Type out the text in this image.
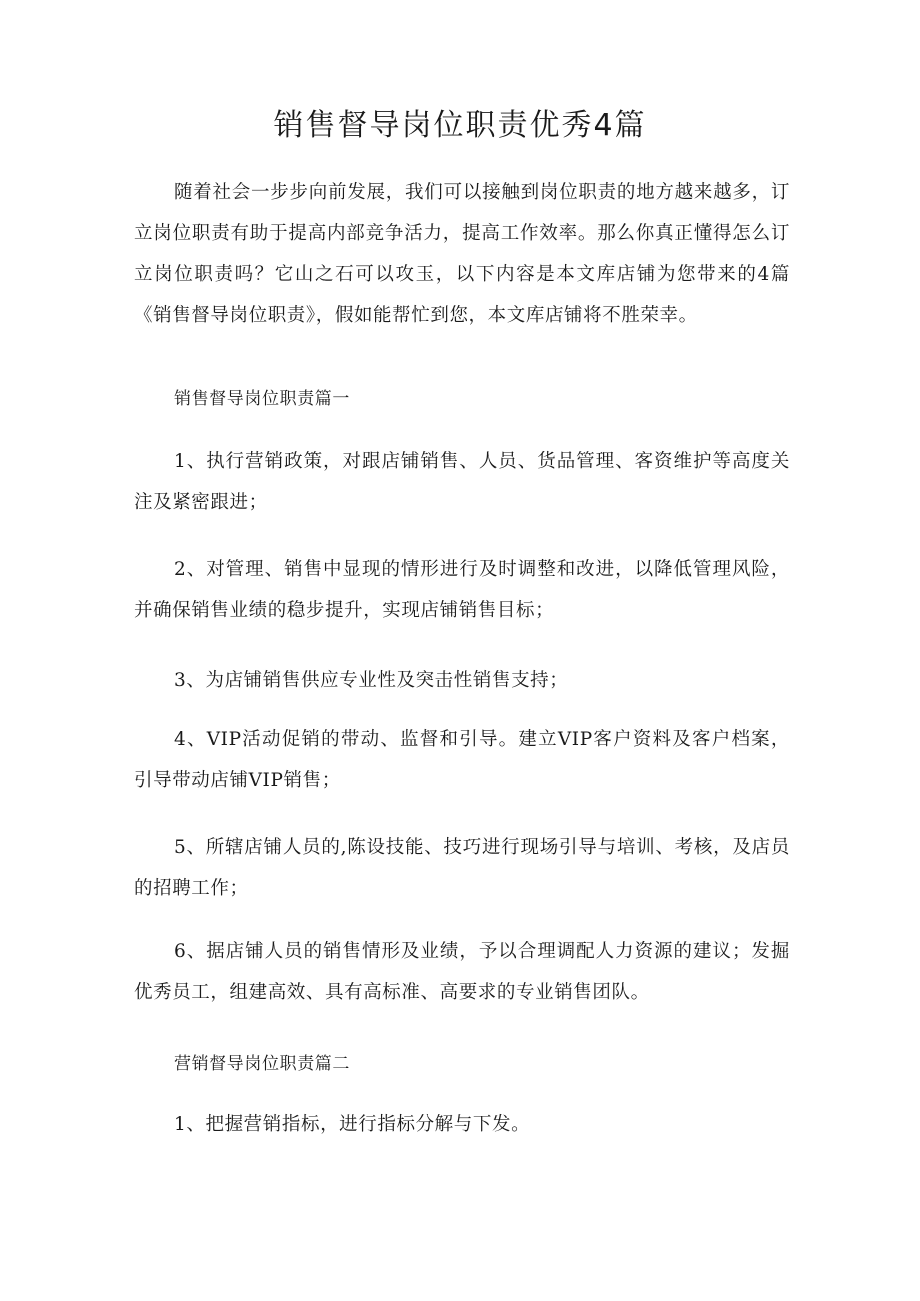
销售督导岗位职责优秀4篇

随着社会一步步向前发展，我们可以接触到岗位职责的地方越来越多，订立岗位职责有助于提高内部竞争活力，提高工作效率。那么你真正懂得怎么订立岗位职责吗？它山之石可以攻玉，以下内容是本文库店铺为您带来的4篇《销售督导岗位职责》，假如能帮忙到您，本文库店铺将不胜荣幸。

销售督导岗位职责篇一

1、执行营销政策，对跟店铺销售、人员、货品管理、客资维护等高度关注及紧密跟进；

2、对管理、销售中显现的情形进行及时调整和改进，以降低管理风险，并确保销售业绩的稳步提升，实现店铺销售目标；

3、为店铺销售供应专业性及突击性销售支持；

4、VIP活动促销的带动、监督和引导。建立VIP客户资料及客户档案，引导带动店铺VIP销售；

5、所辖店铺人员的,陈设技能、技巧进行现场引导与培训、考核，及店员的招聘工作；

6、据店铺人员的销售情形及业绩，予以合理调配人力资源的建议；发掘优秀员工，组建高效、具有高标准、高要求的专业销售团队。

营销督导岗位职责篇二

1、把握营销指标，进行指标分解与下发。
